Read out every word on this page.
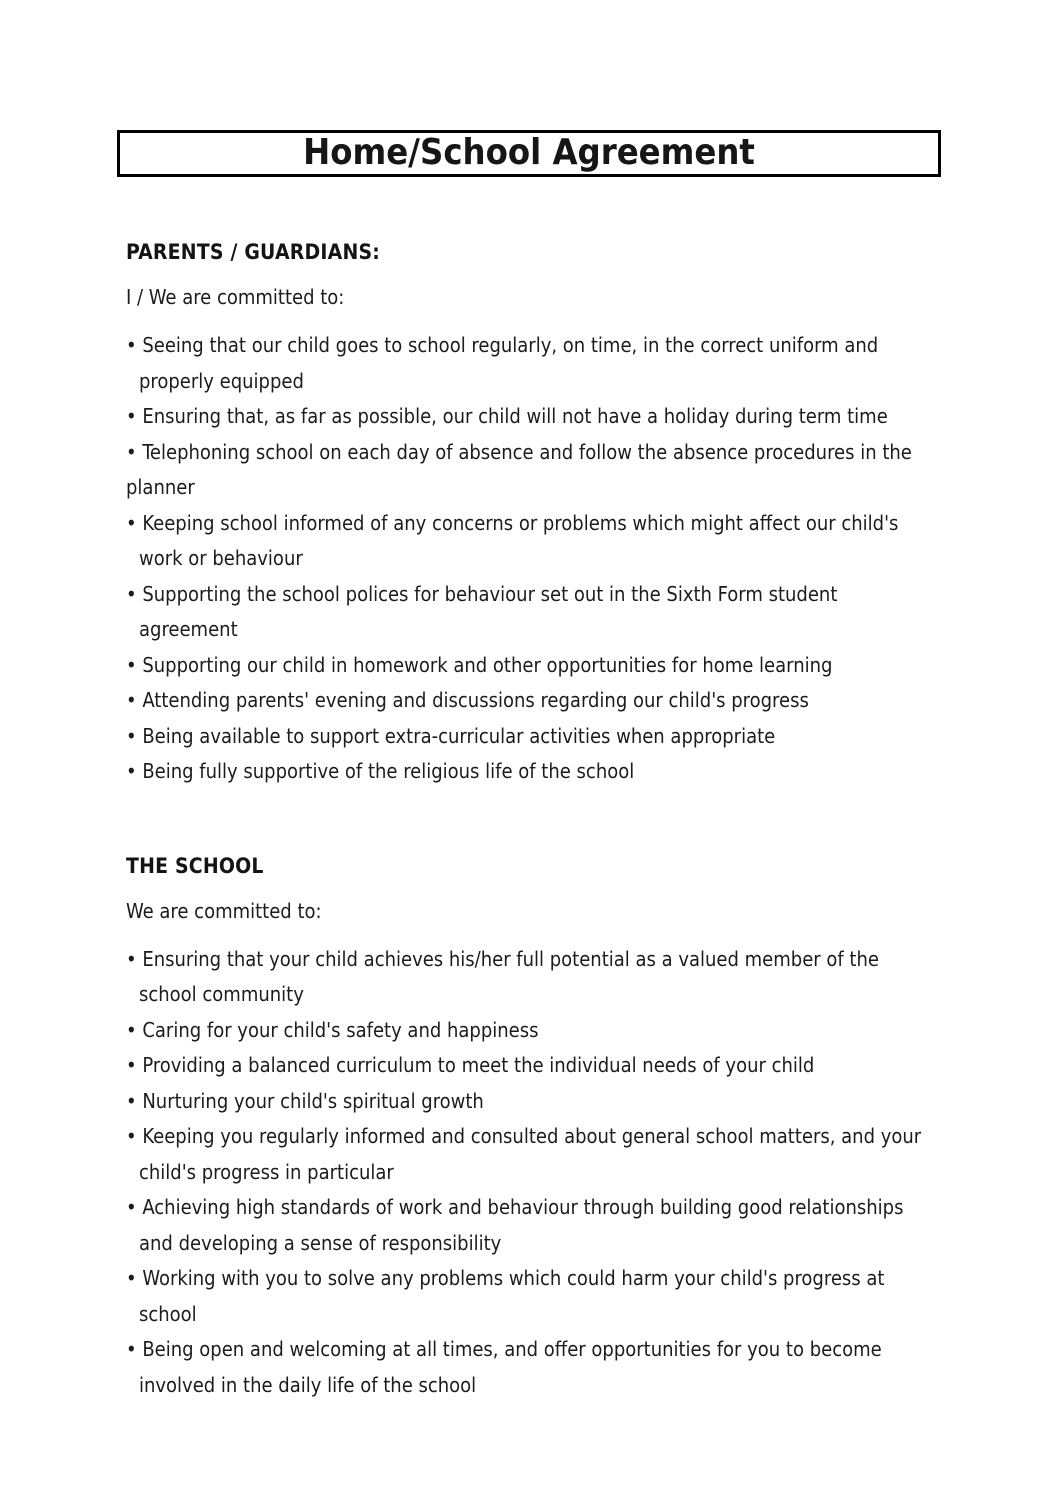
Home/School Agreement
PARENTS / GUARDIANS:

I / We are committed to:

• Seeing that our child goes to school regularly, on time, in the correct uniform and properly equipped
• Ensuring that, as far as possible, our child will not have a holiday during term time
• Telephoning school on each day of absence and follow the absence procedures in the planner
• Keeping school informed of any concerns or problems which might affect our child's work or behaviour
• Supporting the school polices for behaviour set out in the Sixth Form student agreement
• Supporting our child in homework and other opportunities for home learning
• Attending parents' evening and discussions regarding our child's progress
• Being available to support extra-curricular activities when appropriate
• Being fully supportive of the religious life of the school
THE SCHOOL

We are committed to:

• Ensuring that your child achieves his/her full potential as a valued member of the school community
• Caring for your child's safety and happiness
• Providing a balanced curriculum to meet the individual needs of your child
• Nurturing your child's spiritual growth
• Keeping you regularly informed and consulted about general school matters, and your child's progress in particular
• Achieving high standards of work and behaviour through building good relationships and developing a sense of responsibility
• Working with you to solve any problems which could harm your child's progress at school
• Being open and welcoming at all times, and offer opportunities for you to become involved in the daily life of the school
